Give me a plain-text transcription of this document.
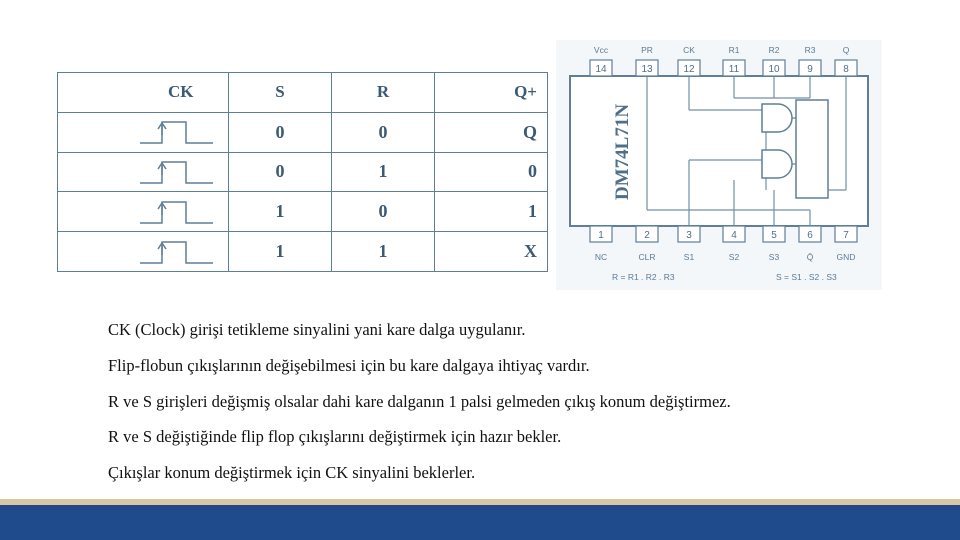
CK	S	R	Q+

	0	0	Q

	0	1	0

	1	0	1

	1	1	X
DM74L71N
14
Vcc
13
PR
12
CK
11
R1
10
R2
9
R3
8
Q
1
NC
2
CLR
3
S1
4
S2
5
S3
6
Q̄
7
GND
R = R1 . R2 . R3	S = S1 . S2 . S3
CK (Clock) girişi tetikleme sinyalini yani kare dalga uygulanır.
Flip-flobun çıkışlarının değişebilmesi için bu kare dalgaya ihtiyaç vardır.
R ve S girişleri değişmiş olsalar dahi kare dalganın 1 palsi gelmeden çıkış konum değiştirmez.
R ve S değiştiğinde flip flop çıkışlarını değiştirmek için hazır bekler.
Çıkışlar konum değiştirmek için CK sinyalini beklerler.
